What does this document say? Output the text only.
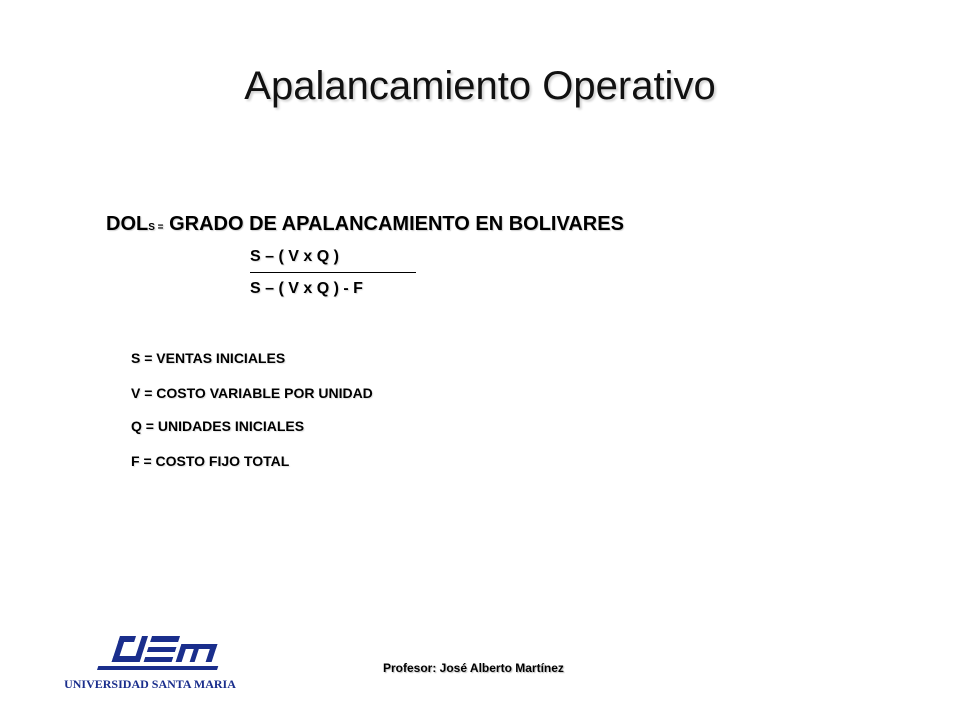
Apalancamiento Operativo
DOLS = GRADO DE APALANCAMIENTO EN BOLIVARES
S – ( V x Q )
S – ( V x Q ) - F
S = VENTAS INICIALES
V = COSTO VARIABLE POR UNIDAD
Q = UNIDADES INICIALES
F = COSTO FIJO TOTAL
UNIVERSIDAD SANTA MARIA
Profesor: José Alberto Martínez
